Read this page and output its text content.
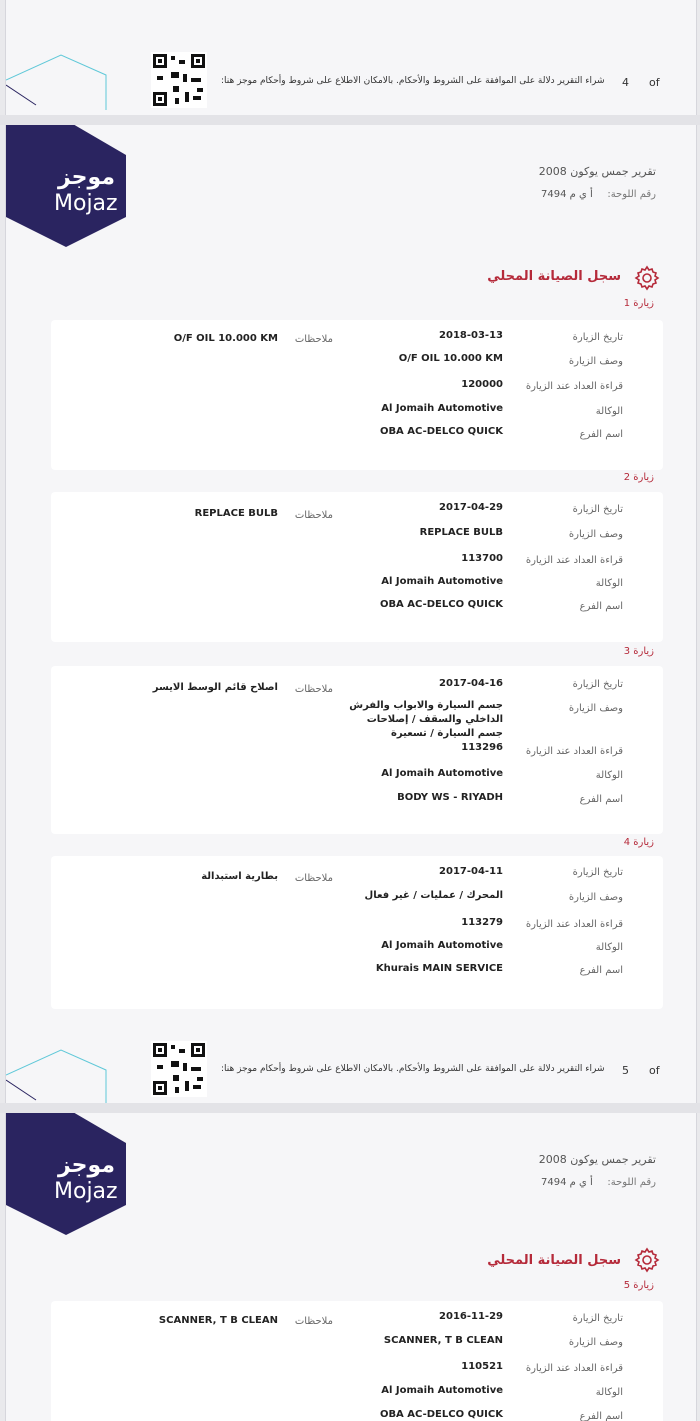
شراء التقرير دلالة على الموافقة على الشروط والأحكام. بالامكان الاطلاع على شروط وأحكام موجز هنا: 4 of
موجز
Mojaz
تقرير جمس يوكون 2008
رقم اللوحة:
أ ي م 7494
سجل الصيانة المحلي
زيارة 1
تاريخ الزيارة
2018-03-13
ملاحظات
O/F OIL 10.000 KM
وصف الزيارة
O/F OIL 10.000 KM
قراءة العداد عند الزيارة
120000
الوكالة
Al Jomaih Automotive
اسم الفرع
OBA AC-DELCO QUICK
زيارة 2
تاريخ الزيارة
2017-04-29
ملاحظات
REPLACE BULB
وصف الزيارة
REPLACE BULB
قراءة العداد عند الزيارة
113700
الوكالة
Al Jomaih Automotive
اسم الفرع
OBA AC-DELCO QUICK
زيارة 3
تاريخ الزيارة
2017-04-16
ملاحظات
اصلاح قائم الوسط الايسر
وصف الزيارة
جسم السيارة والابواب والفرش
الداخلي والسقف / إصلاحات
جسم السيارة / تسعيرة
قراءة العداد عند الزيارة
113296
الوكالة
Al Jomaih Automotive
اسم الفرع
BODY WS - RIYADH
زيارة 4
تاريخ الزيارة
2017-04-11
ملاحظات
بطارية استبدالة
وصف الزيارة
المحرك / عمليات / غير فعال
قراءة العداد عند الزيارة
113279
الوكالة
Al Jomaih Automotive
اسم الفرع
Khurais MAIN SERVICE
شراء التقرير دلالة على الموافقة على الشروط والأحكام. بالامكان الاطلاع على شروط وأحكام موجز هنا: 5 of
موجز
Mojaz
تقرير جمس يوكون 2008
رقم اللوحة:
أ ي م 7494
سجل الصيانة المحلي
زيارة 5
تاريخ الزيارة
2016-11-29
ملاحظات
SCANNER, T B CLEAN
وصف الزيارة
SCANNER, T B CLEAN
قراءة العداد عند الزيارة
110521
الوكالة
Al Jomaih Automotive
اسم الفرع
OBA AC-DELCO QUICK
